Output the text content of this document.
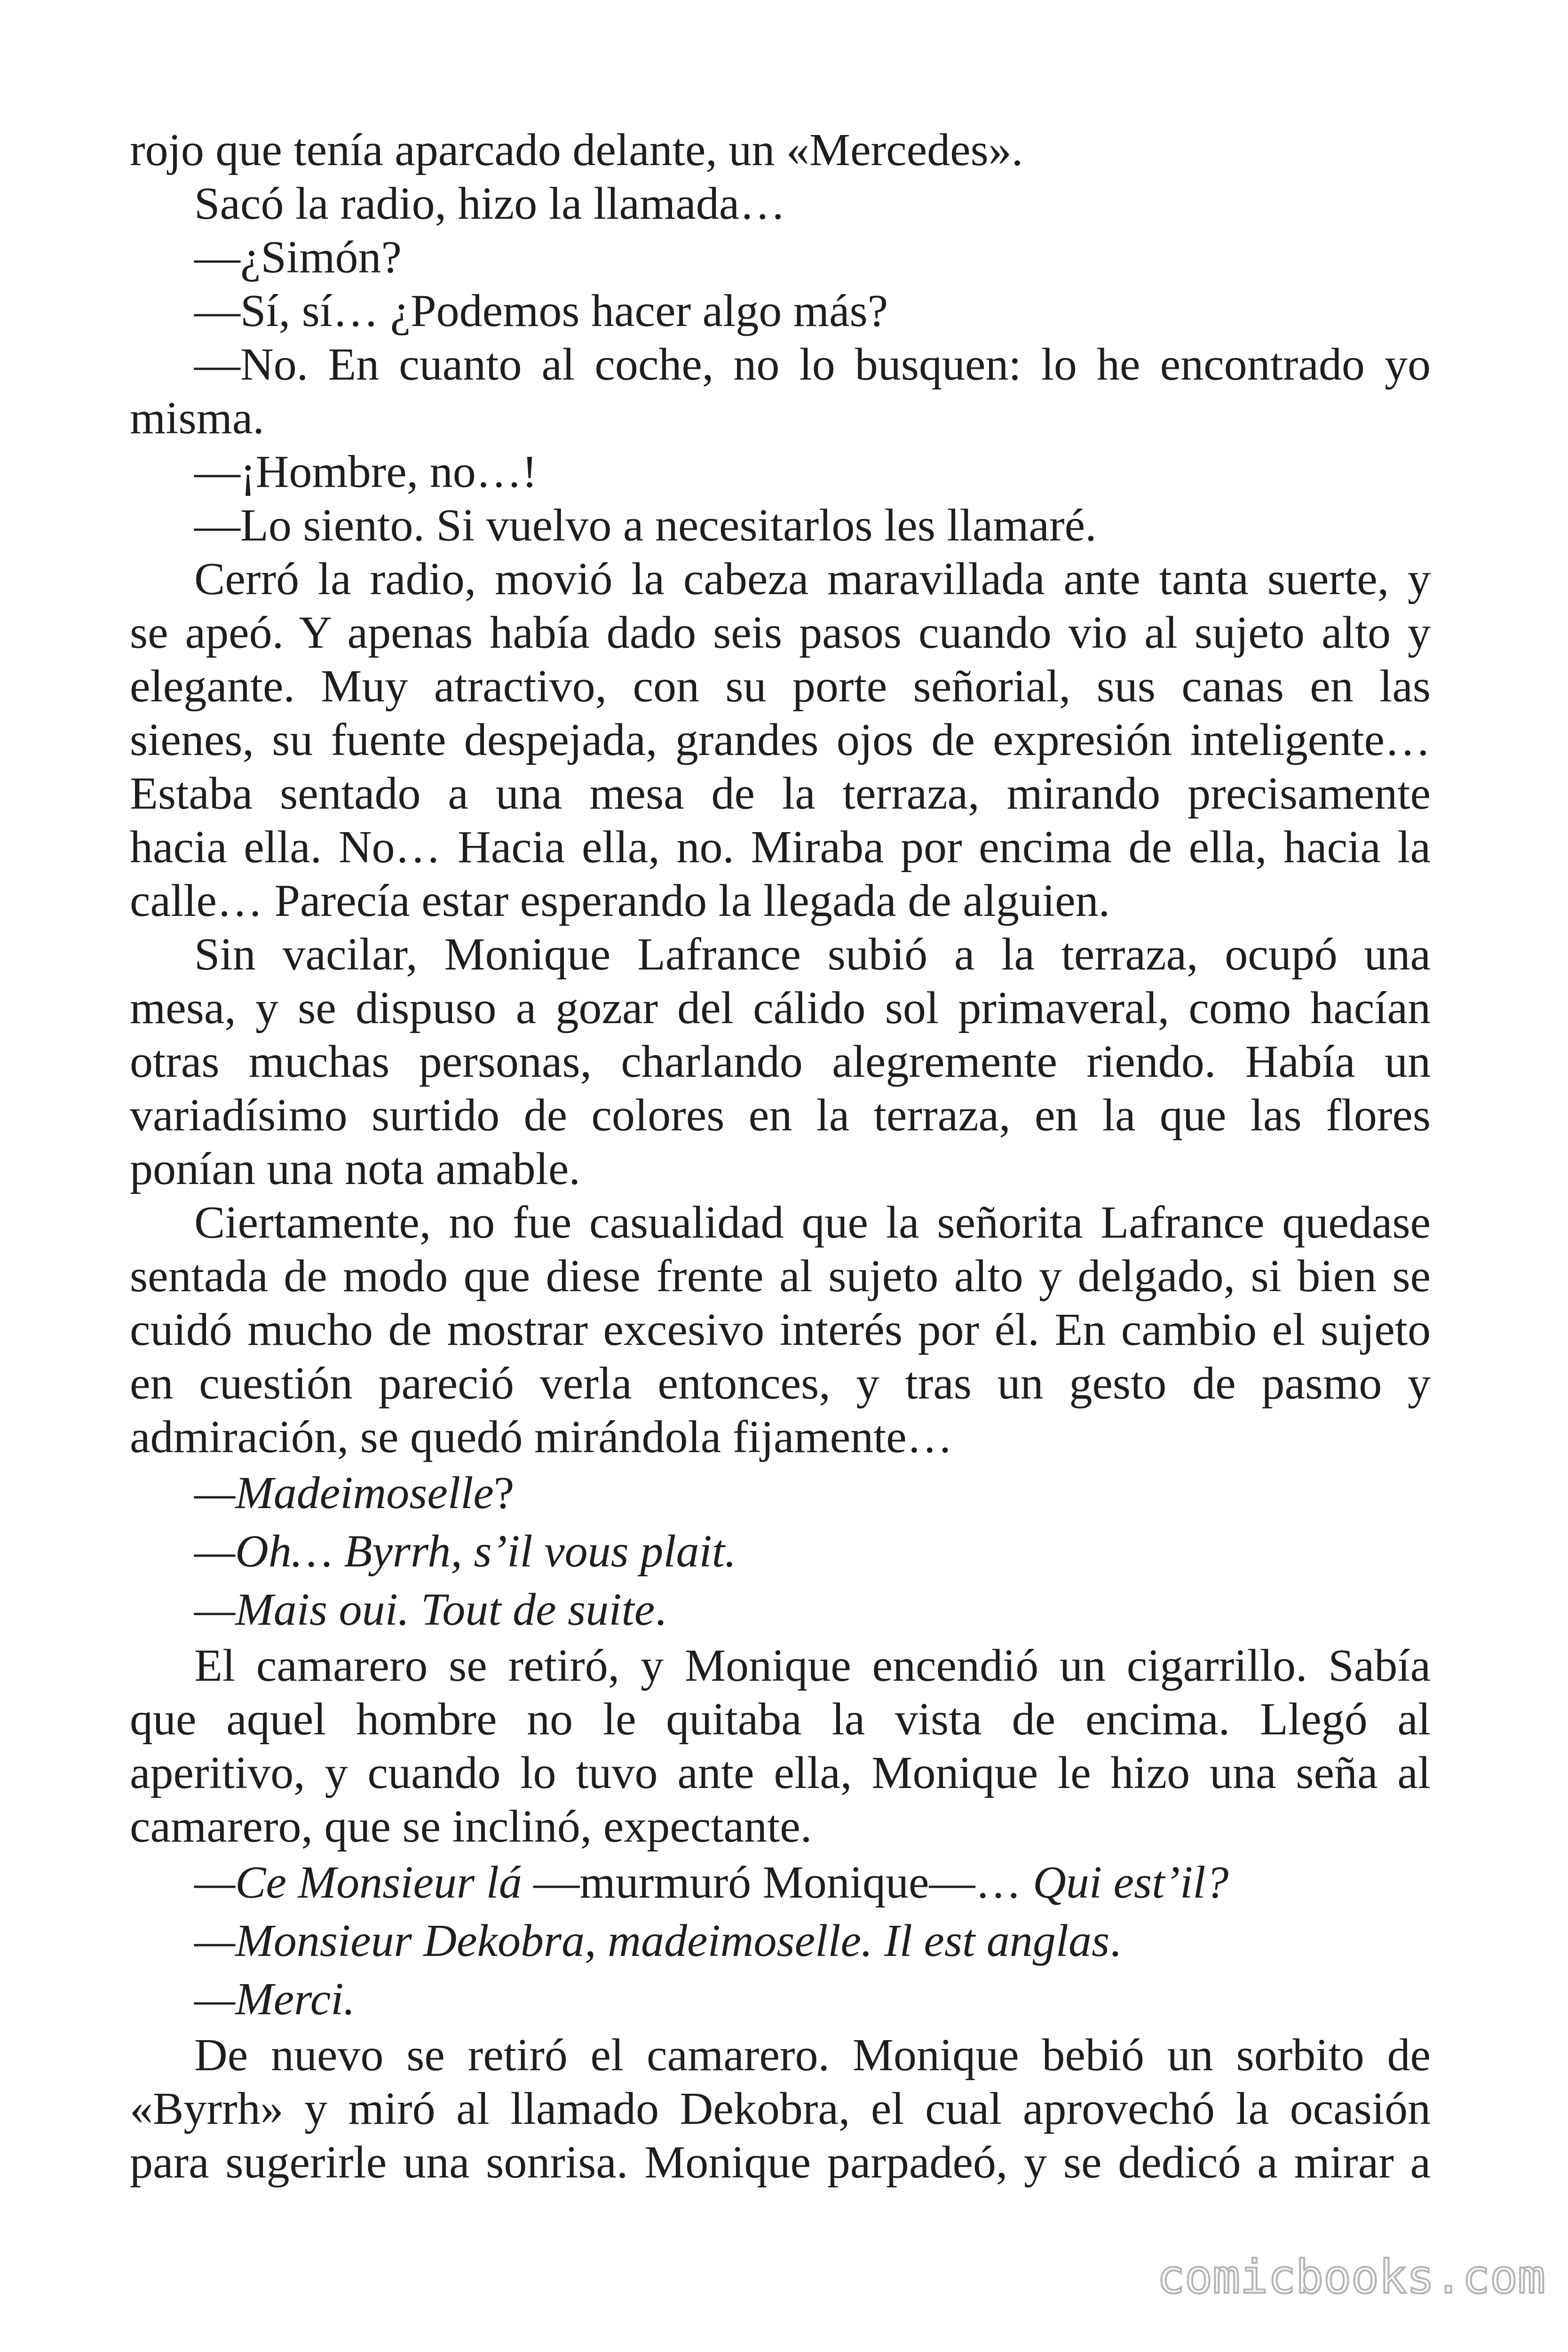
rojo que tenía aparcado delante, un «Mercedes».
Sacó la radio, hizo la llamada…
—¿Simón?
—Sí, sí… ¿Podemos hacer algo más?
—No. En cuanto al coche, no lo busquen: lo he encontrado yo
misma.
—¡Hombre, no…!
—Lo siento. Si vuelvo a necesitarlos les llamaré.
Cerró la radio, movió la cabeza maravillada ante tanta suerte, y
se apeó. Y apenas había dado seis pasos cuando vio al sujeto alto y
elegante. Muy atractivo, con su porte señorial, sus canas en las
sienes, su fuente despejada, grandes ojos de expresión inteligente…
Estaba sentado a una mesa de la terraza, mirando precisamente
hacia ella. No… Hacia ella, no. Miraba por encima de ella, hacia la
calle… Parecía estar esperando la llegada de alguien.
Sin vacilar, Monique Lafrance subió a la terraza, ocupó una
mesa, y se dispuso a gozar del cálido sol primaveral, como hacían
otras muchas personas, charlando alegremente riendo. Había un
variadísimo surtido de colores en la terraza, en la que las flores
ponían una nota amable.
Ciertamente, no fue casualidad que la señorita Lafrance quedase
sentada de modo que diese frente al sujeto alto y delgado, si bien se
cuidó mucho de mostrar excesivo interés por él. En cambio el sujeto
en cuestión pareció verla entonces, y tras un gesto de pasmo y
admiración, se quedó mirándola fijamente…
—Madeimoselle?
—Oh… Byrrh, s’il vous plait.
—Mais oui. Tout de suite.
El camarero se retiró, y Monique encendió un cigarrillo. Sabía
que aquel hombre no le quitaba la vista de encima. Llegó al
aperitivo, y cuando lo tuvo ante ella, Monique le hizo una seña al
camarero, que se inclinó, expectante.
—Ce Monsieur lá —murmuró Monique—… Qui est’il?
—Monsieur Dekobra, madeimoselle. Il est anglas.
—Merci.
De nuevo se retiró el camarero. Monique bebió un sorbito de
«Byrrh» y miró al llamado Dekobra, el cual aprovechó la ocasión
para sugerirle una sonrisa. Monique parpadeó, y se dedicó a mirar a
comicbooks.com
